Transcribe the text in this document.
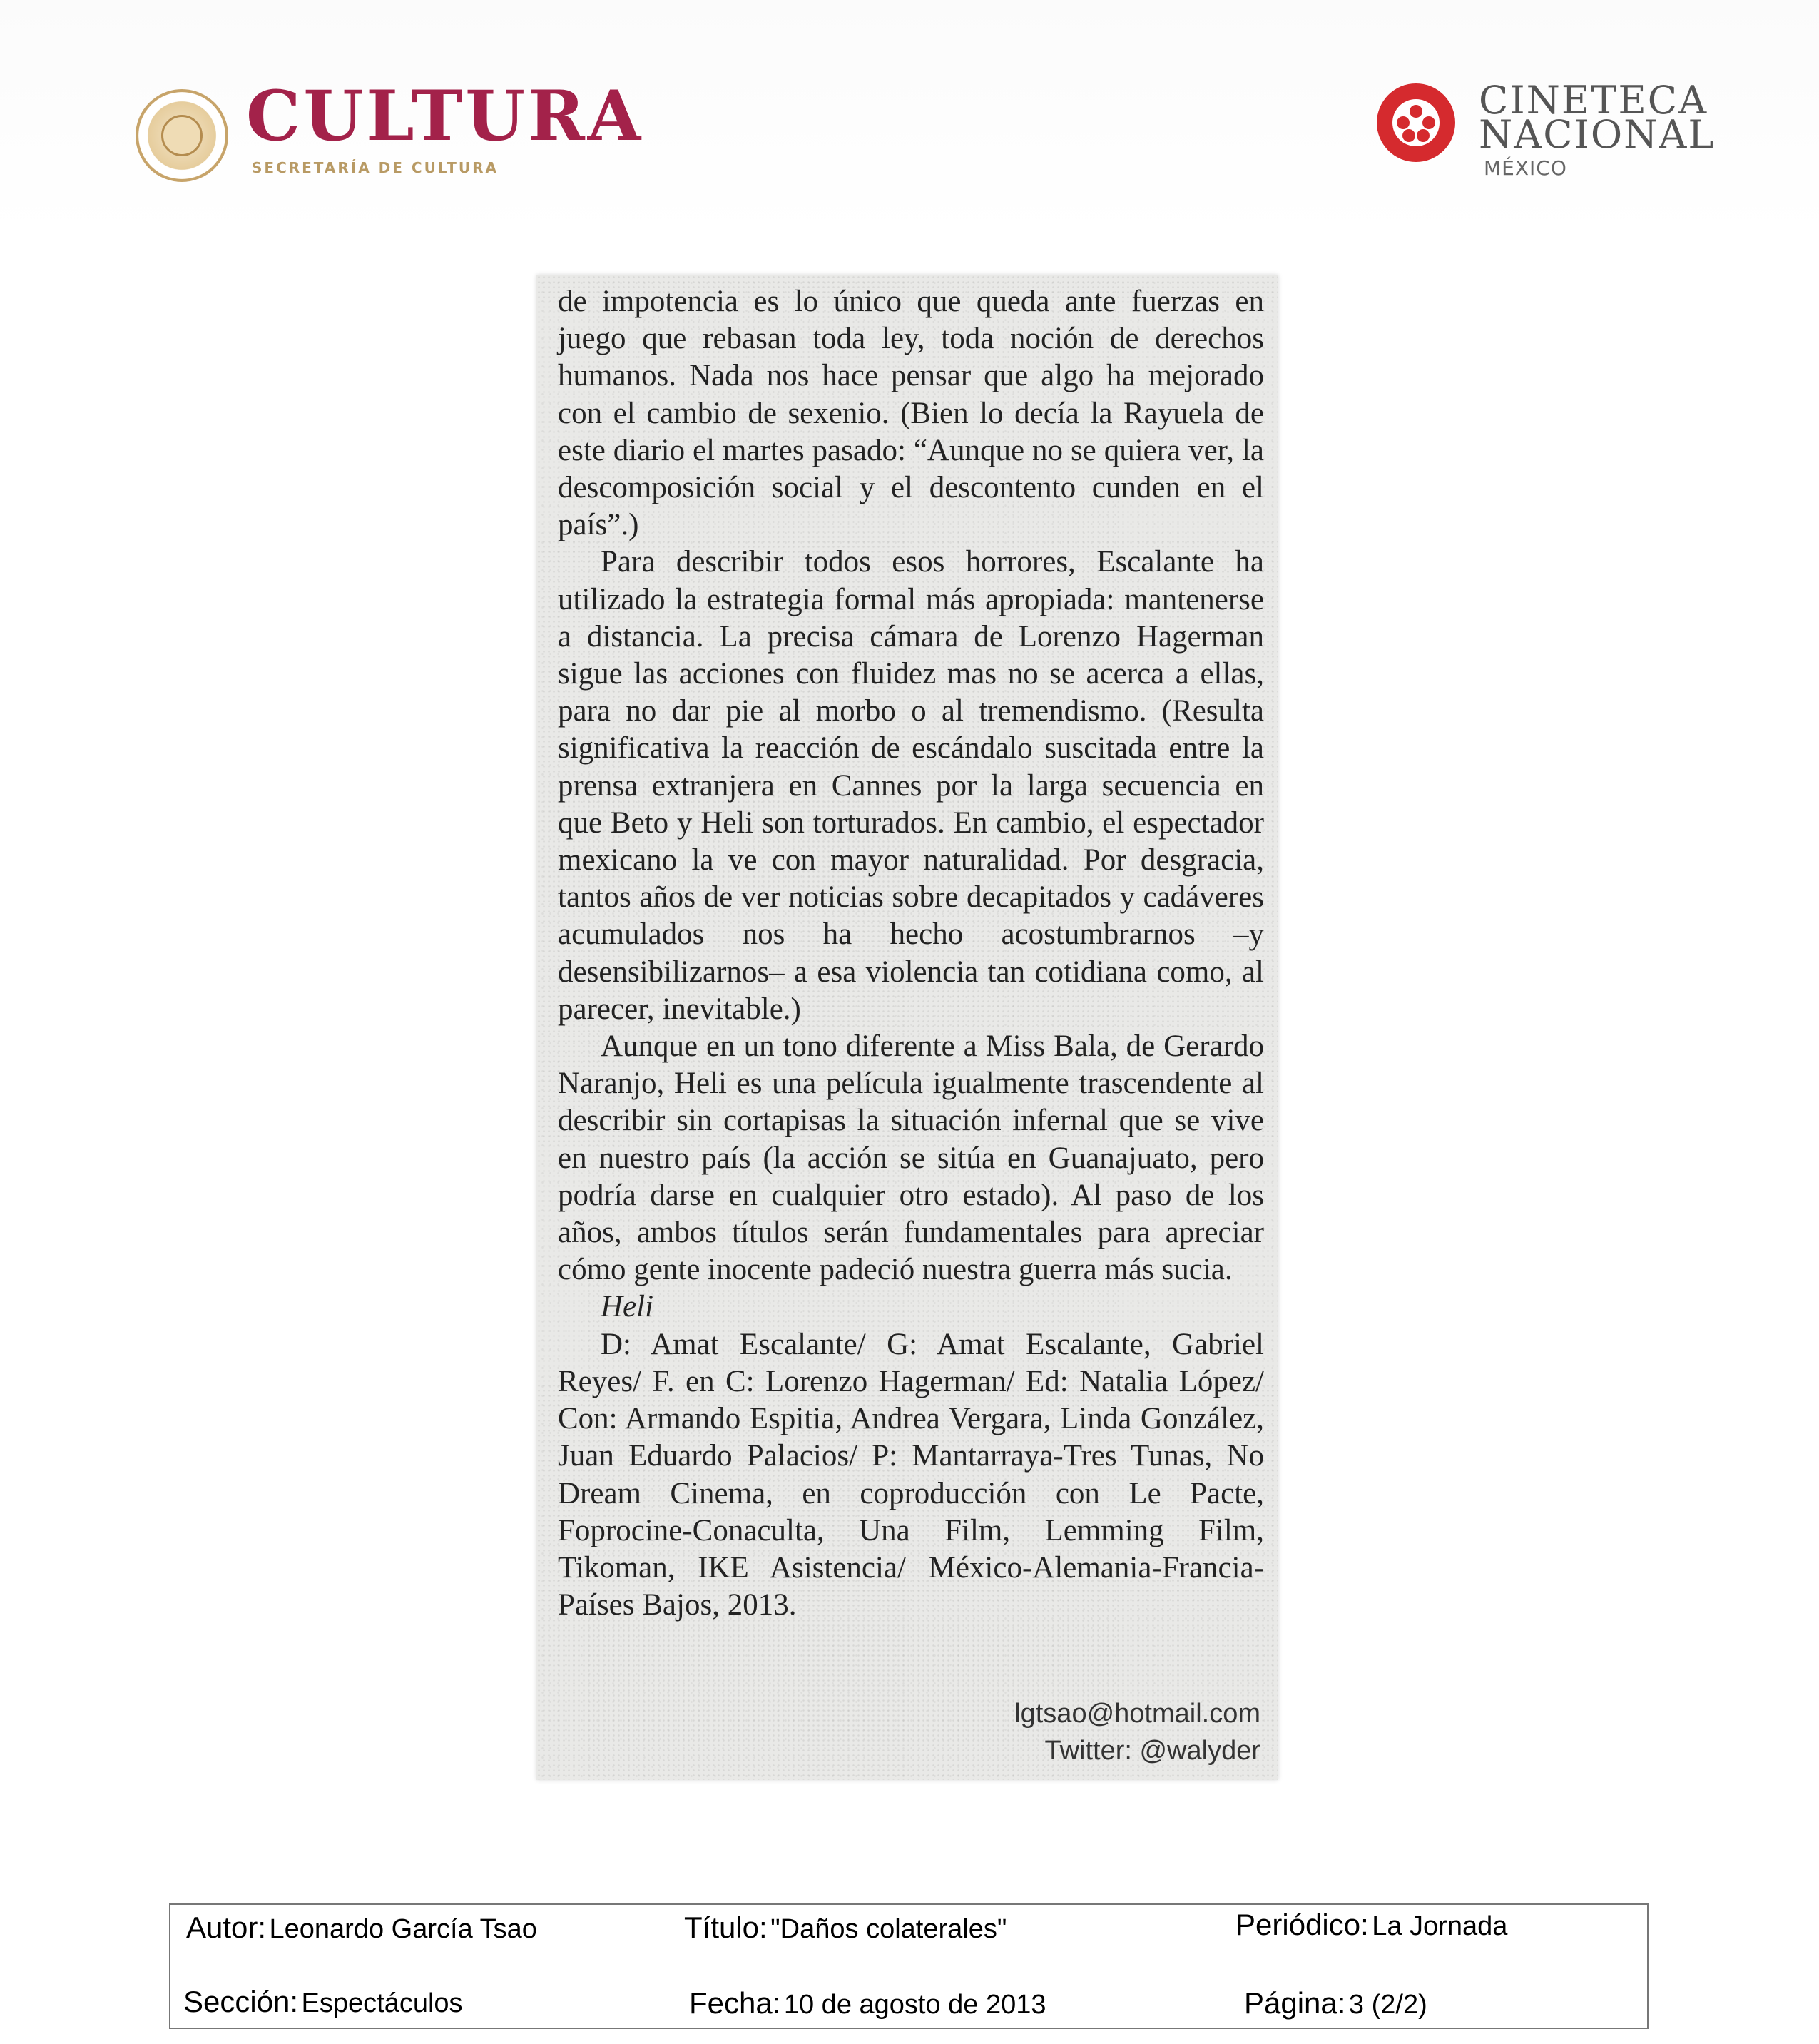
CULTURA
SECRETARÍA DE CULTURA
CINETECA
NACIONAL
MÉXICO

de impotencia es lo único que queda ante fuerzas en juego que rebasan toda ley, toda noción de derechos humanos. Nada nos hace pensar que algo ha mejorado con el cambio de sexenio. (Bien lo decía la Rayuela de este diario el martes pasado: “Aunque no se quiera ver, la descomposición social y el descontento cunden en el país”.)

Para describir todos esos horrores, Escalante ha utilizado la estrategia formal más apropiada: mantenerse a distancia. La precisa cámara de Lorenzo Hagerman sigue las acciones con fluidez mas no se acerca a ellas, para no dar pie al morbo o al tremendismo. (Resulta significativa la reacción de escándalo suscitada entre la prensa extranjera en Cannes por la larga secuencia en que Beto y Heli son torturados. En cambio, el espectador mexicano la ve con mayor naturalidad. Por desgracia, tantos años de ver noticias sobre decapitados y cadáveres acumulados nos ha hecho acostumbrarnos –y desensibilizarnos– a esa violencia tan cotidiana como, al parecer, inevitable.)

Aunque en un tono diferente a Miss Bala, de Gerardo Naranjo, Heli es una película igualmente trascendente al describir sin cortapisas la situación infernal que se vive en nuestro país (la acción se sitúa en Guanajuato, pero podría darse en cualquier otro estado). Al paso de los años, ambos títulos serán fundamentales para apreciar cómo gente inocente padeció nuestra guerra más sucia.

Heli

D: Amat Escalante/ G: Amat Escalante, Gabriel Reyes/ F. en C: Lorenzo Hagerman/ Ed: Natalia López/ Con: Armando Espitia, Andrea Vergara, Linda González, Juan Eduardo Palacios/ P: Mantarraya-Tres Tunas, No Dream Cinema, en coproducción con Le Pacte, Foprocine-Conaculta, Una Film, Lemming Film, Tikoman, IKE Asistencia/ México-Alemania-Francia-Países Bajos, 2013.

lgtsao@hotmail.com
Twitter: @walyder
Autor: Leonardo García Tsao	Título: "Daños colaterales"	Periódico: La Jornada
Sección: Espectáculos	Fecha: 10 de agosto de 2013	Página: 3 (2/2)
